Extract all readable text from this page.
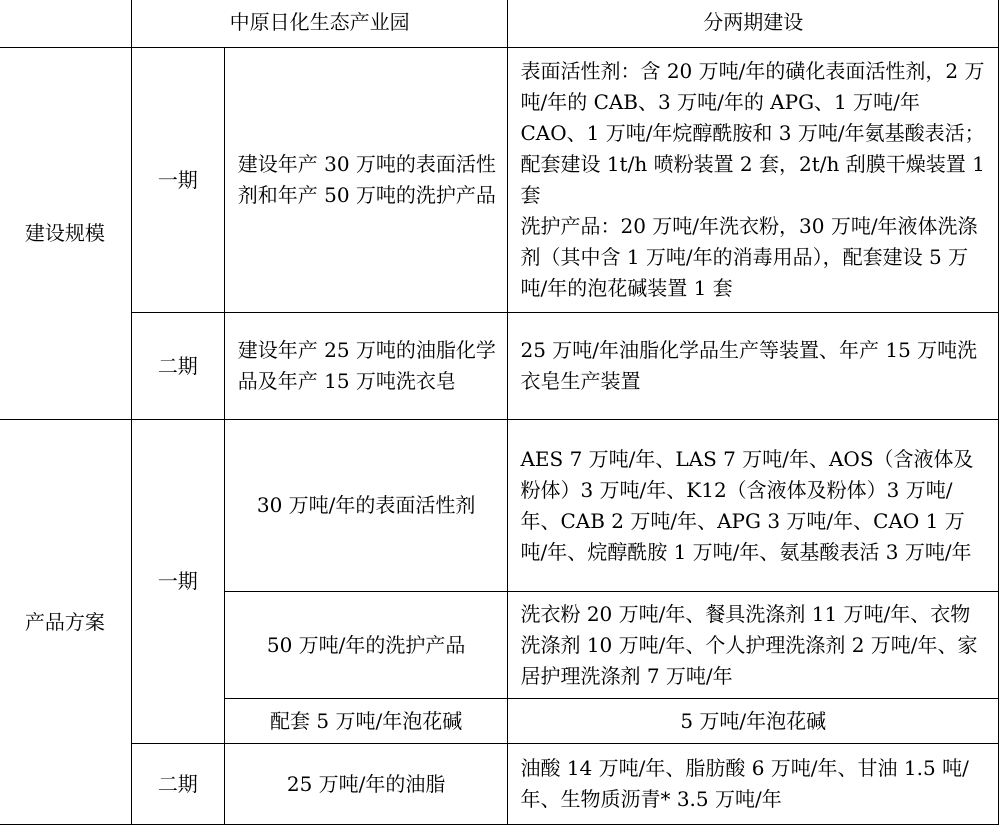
	中原日化生态产业园		分两期建设
建设规模	一期	建设年产 30 万吨的表面活性剂和年产 50 万吨的洗护产品	表面活性剂：含 20 万吨/年的磺化表面活性剂，2 万吨/年的 CAB、3 万吨/年的 APG、1 万吨/年 CAO、1 万吨/年烷醇酰胺和 3 万吨/年氨基酸表活；配套建设 1t/h 喷粉装置 2 套，2t/h 刮膜干燥装置 1 套
洗护产品：20 万吨/年洗衣粉，30 万吨/年液体洗涤剂（其中含 1 万吨/年的消毒用品），配套建设 5 万吨/年的泡花碱装置 1 套
	二期	建设年产 25 万吨的油脂化学品及年产 15 万吨洗衣皂	25 万吨/年油脂化学品生产等装置、年产 15 万吨洗衣皂生产装置
产品方案	一期	30 万吨/年的表面活性剂	AES 7 万吨/年、LAS 7 万吨/年、AOS（含液体及粉体）3 万吨/年、K12（含液体及粉体）3 万吨/年、CAB 2 万吨/年、APG 3 万吨/年、CAO 1 万吨/年、烷醇酰胺 1 万吨/年、氨基酸表活 3 万吨/年
		50 万吨/年的洗护产品	洗衣粉 20 万吨/年、餐具洗涤剂 11 万吨/年、衣物洗涤剂 10 万吨/年、个人护理洗涤剂 2 万吨/年、家居护理洗涤剂 7 万吨/年
		配套 5 万吨/年泡花碱	5 万吨/年泡花碱
	二期	25 万吨/年的油脂	油酸 14 万吨/年、脂肪酸 6 万吨/年、甘油 1.5 吨/年、生物质沥青* 3.5 万吨/年
